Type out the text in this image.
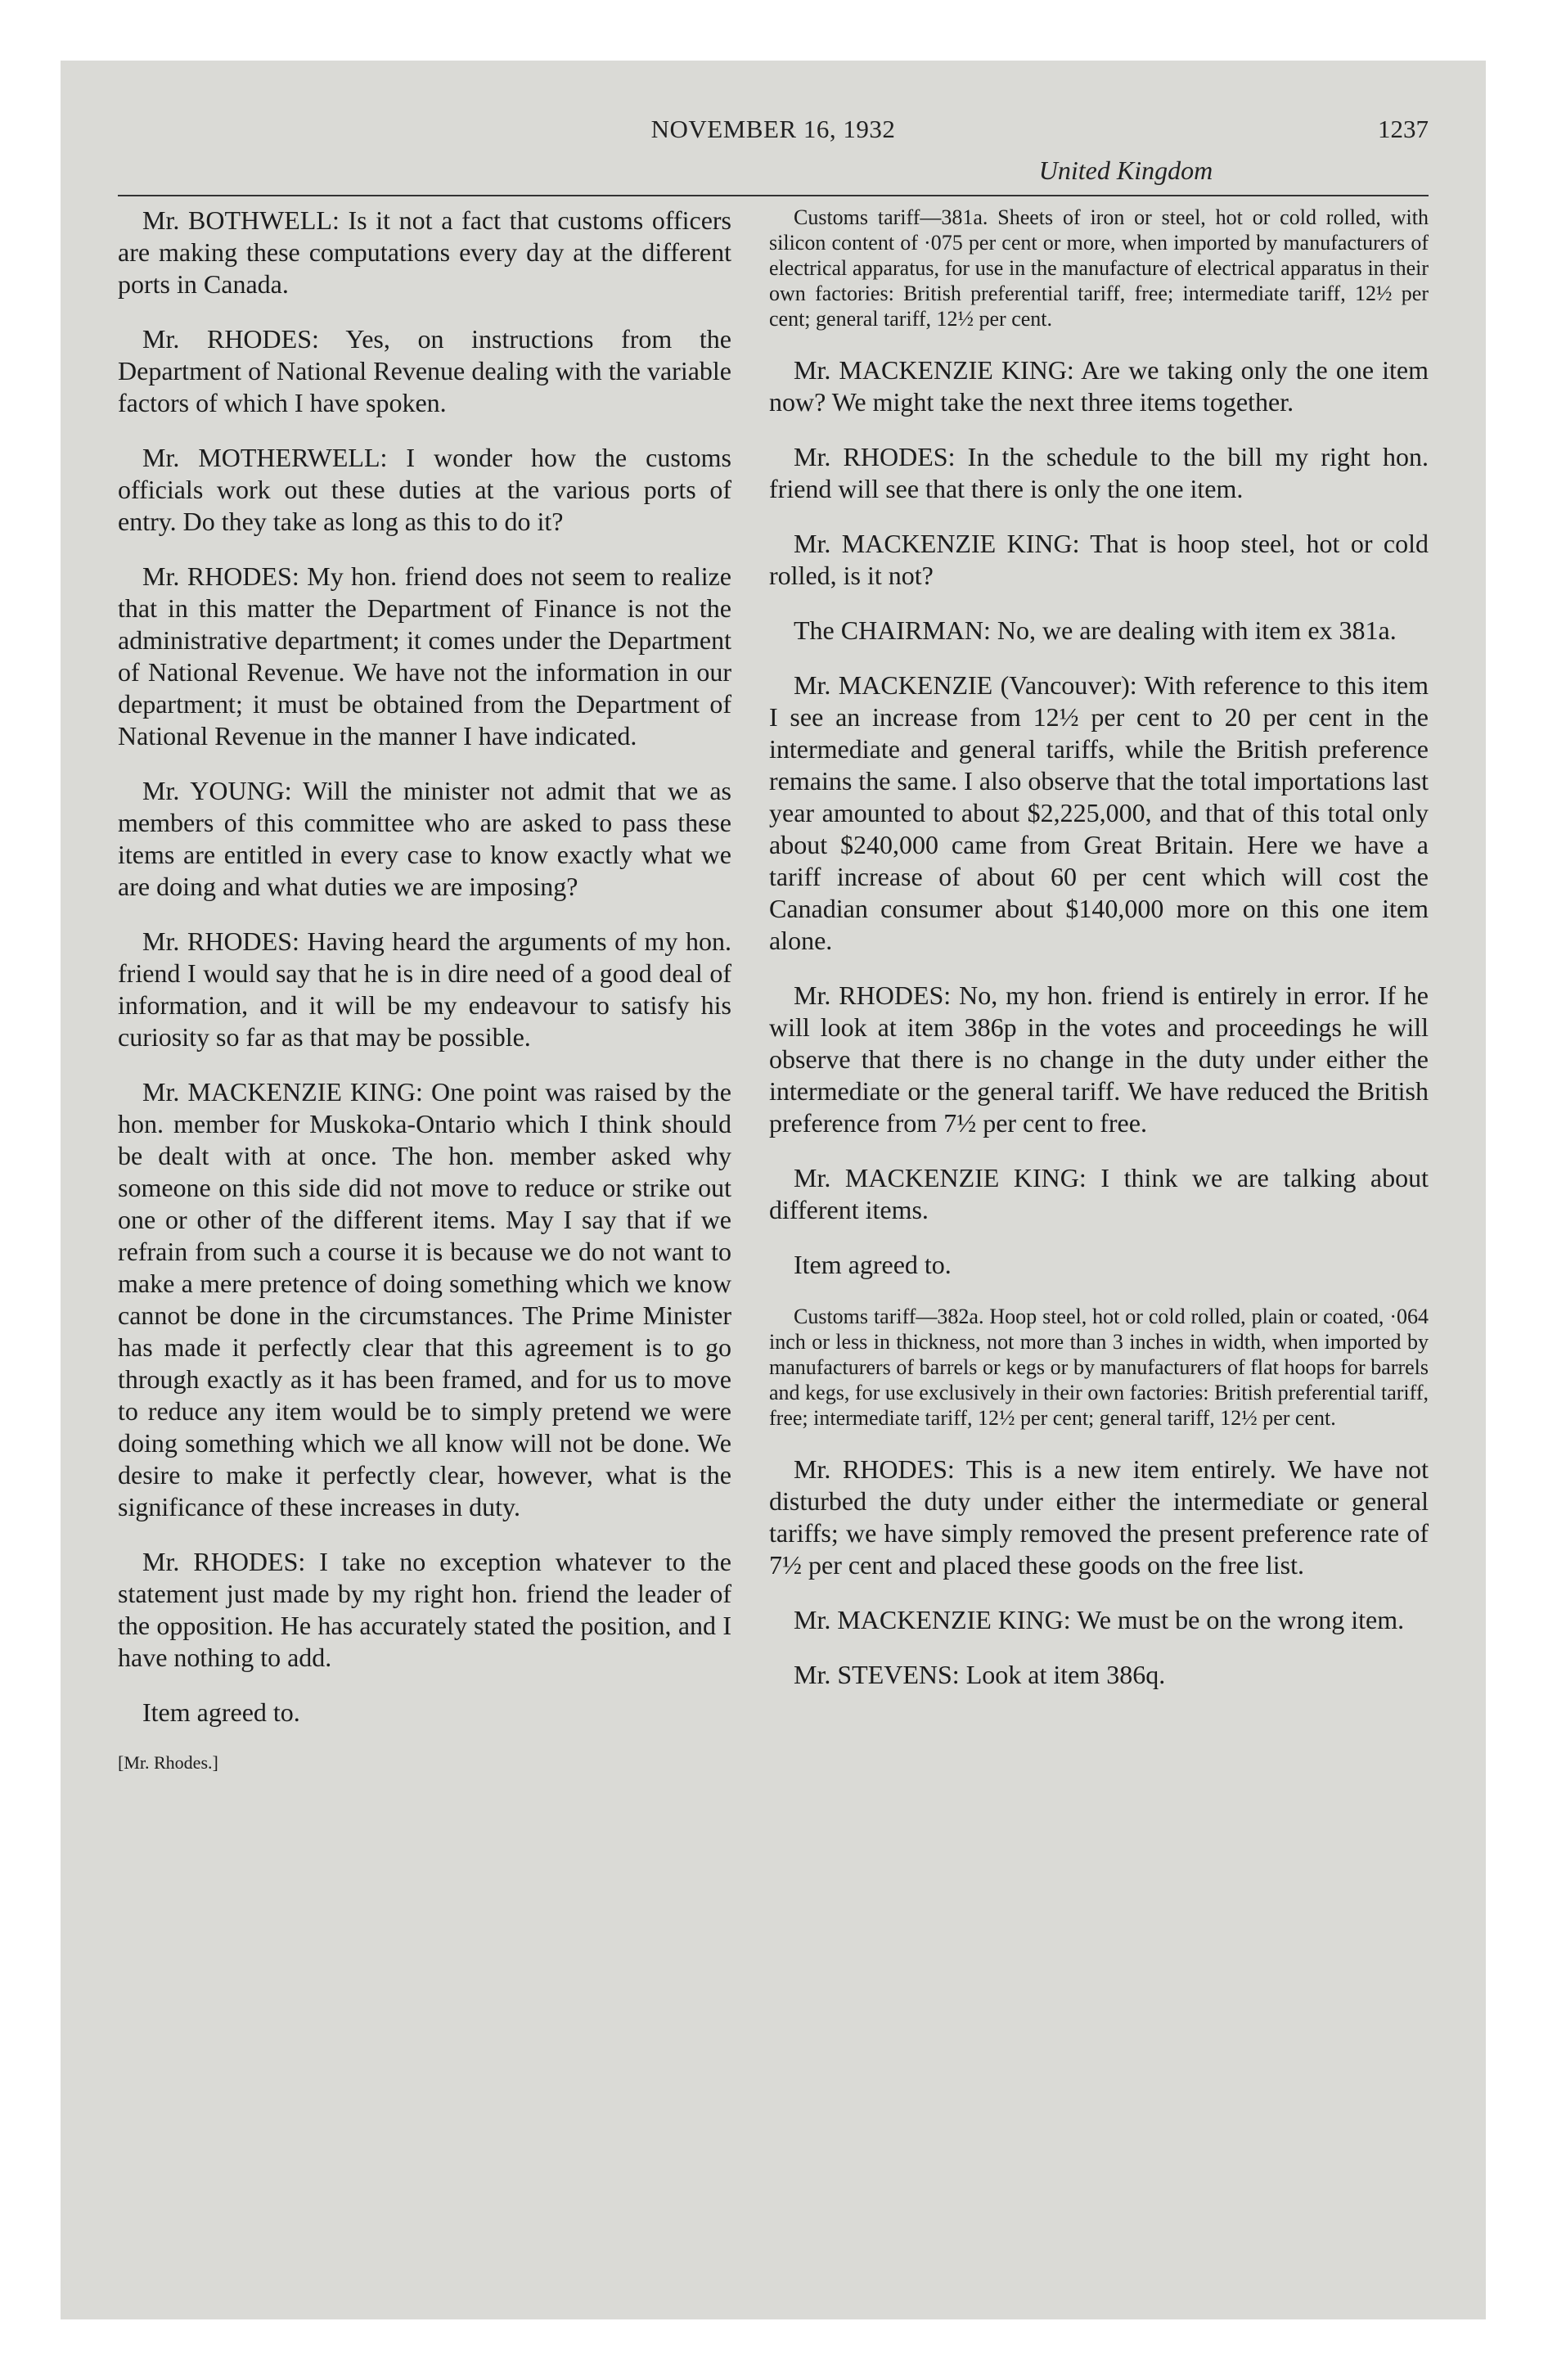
NOVEMBER 16, 1932	1237
United Kingdom

Mr. BOTHWELL: Is it not a fact that customs officers are making these computations every day at the different ports in Canada.

Mr. RHODES: Yes, on instructions from the Department of National Revenue dealing with the variable factors of which I have spoken.

Mr. MOTHERWELL: I wonder how the customs officials work out these duties at the various ports of entry. Do they take as long as this to do it?

Mr. RHODES: My hon. friend does not seem to realize that in this matter the Department of Finance is not the administrative department; it comes under the Department of National Revenue. We have not the information in our department; it must be obtained from the Department of National Revenue in the manner I have indicated.

Mr. YOUNG: Will the minister not admit that we as members of this committee who are asked to pass these items are entitled in every case to know exactly what we are doing and what duties we are imposing?

Mr. RHODES: Having heard the arguments of my hon. friend I would say that he is in dire need of a good deal of information, and it will be my endeavour to satisfy his curiosity so far as that may be possible.

Mr. MACKENZIE KING: One point was raised by the hon. member for Muskoka-Ontario which I think should be dealt with at once. The hon. member asked why someone on this side did not move to reduce or strike out one or other of the different items. May I say that if we refrain from such a course it is because we do not want to make a mere pretence of doing something which we know cannot be done in the circumstances. The Prime Minister has made it perfectly clear that this agreement is to go through exactly as it has been framed, and for us to move to reduce any item would be to simply pretend we were doing something which we all know will not be done. We desire to make it perfectly clear, however, what is the significance of these increases in duty.

Mr. RHODES: I take no exception whatever to the statement just made by my right hon. friend the leader of the opposition. He has accurately stated the position, and I have nothing to add.

Item agreed to.

[Mr. Rhodes.]

Customs tariff—381a. Sheets of iron or steel, hot or cold rolled, with silicon content of ·075 per cent or more, when imported by manufacturers of electrical apparatus, for use in the manufacture of electrical apparatus in their own factories: British preferential tariff, free; intermediate tariff, 12½ per cent; general tariff, 12½ per cent.

Mr. MACKENZIE KING: Are we taking only the one item now? We might take the next three items together.

Mr. RHODES: In the schedule to the bill my right hon. friend will see that there is only the one item.

Mr. MACKENZIE KING: That is hoop steel, hot or cold rolled, is it not?

The CHAIRMAN: No, we are dealing with item ex 381a.

Mr. MACKENZIE (Vancouver): With reference to this item I see an increase from 12½ per cent to 20 per cent in the intermediate and general tariffs, while the British preference remains the same. I also observe that the total importations last year amounted to about $2,225,000, and that of this total only about $240,000 came from Great Britain. Here we have a tariff increase of about 60 per cent which will cost the Canadian consumer about $140,000 more on this one item alone.

Mr. RHODES: No, my hon. friend is entirely in error. If he will look at item 386p in the votes and proceedings he will observe that there is no change in the duty under either the intermediate or the general tariff. We have reduced the British preference from 7½ per cent to free.

Mr. MACKENZIE KING: I think we are talking about different items.

Item agreed to.

Customs tariff—382a. Hoop steel, hot or cold rolled, plain or coated, ·064 inch or less in thickness, not more than 3 inches in width, when imported by manufacturers of barrels or kegs or by manufacturers of flat hoops for barrels and kegs, for use exclusively in their own factories: British preferential tariff, free; intermediate tariff, 12½ per cent; general tariff, 12½ per cent.

Mr. RHODES: This is a new item entirely. We have not disturbed the duty under either the intermediate or general tariffs; we have simply removed the present preference rate of 7½ per cent and placed these goods on the free list.

Mr. MACKENZIE KING: We must be on the wrong item.

Mr. STEVENS: Look at item 386q.
